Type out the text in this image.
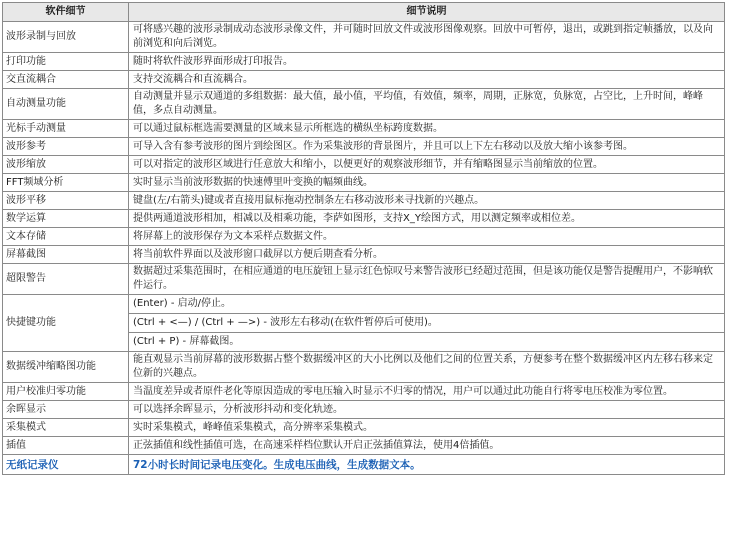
软件细节	细节说明
波形录制与回放	可将感兴趣的波形录制成动态波形录像文件，并可随时回放文件或波形图像观察。回放中可暂停，退出，或跳到指定帧播放，以及向前浏览和向后浏览。
打印功能	随时将软件波形界面形成打印报告。
交直流耦合	支持交流耦合和直流耦合。
自动测量功能	自动测量并显示双通道的多组数据：最大值，最小值，平均值，有效值，频率，周期，正脉宽，负脉宽，占空比，上升时间，峰峰值，多点自动测量。
光标手动测量	可以通过鼠标框选需要测量的区域来显示所框选的横纵坐标跨度数据。
波形参考	可导入含有参考波形的图片到绘图区。作为采集波形的背景图片，并且可以上下左右移动以及放大缩小该参考图。
波形缩放	可以对指定的波形区域进行任意放大和缩小，以便更好的观察波形细节，并有缩略图显示当前缩放的位置。
FFT频域分析	实时显示当前波形数据的快速傅里叶变换的幅频曲线。
波形平移	键盘(左/右箭头)键或者直接用鼠标拖动控制条左右移动波形来寻找新的兴趣点。
数学运算	提供两通道波形相加，相减以及相乘功能，李萨如图形，支持X_Y绘图方式，用以测定频率或相位差。
文本存储	将屏幕上的波形保存为文本采样点数据文件。
屏幕截图	将当前软件界面以及波形窗口截屏以方便后期查看分析。
超限警告	数据超过采集范围时，在相应通道的电压旋钮上显示红色惊叹号来警告波形已经超过范围，但是该功能仅是警告提醒用户，不影响软件运行。
快捷键功能	(Enter) - 启动/停止。
	(Ctrl + <—) / (Ctrl + —>) - 波形左右移动(在软件暂停后可使用)。
	(Ctrl + P) - 屏幕截图。
数据缓冲缩略图功能	能直观显示当前屏幕的波形数据占整个数据缓冲区的大小比例以及他们之间的位置关系，方便参考在整个数据缓冲区内左移右移来定位新的兴趣点。
用户校准归零功能	当温度差异或者原件老化等原因造成的零电压输入时显示不归零的情况，用户可以通过此功能自行将零电压校准为零位置。
余晖显示	可以选择余晖显示，分析波形抖动和变化轨迹。
采集模式	实时采集模式，峰峰值采集模式，高分辨率采集模式。
插值	正弦插值和线性插值可选，在高速采样档位默认开启正弦插值算法，使用4倍插值。
无纸记录仪	72小时长时间记录电压变化。生成电压曲线，生成数据文本。
